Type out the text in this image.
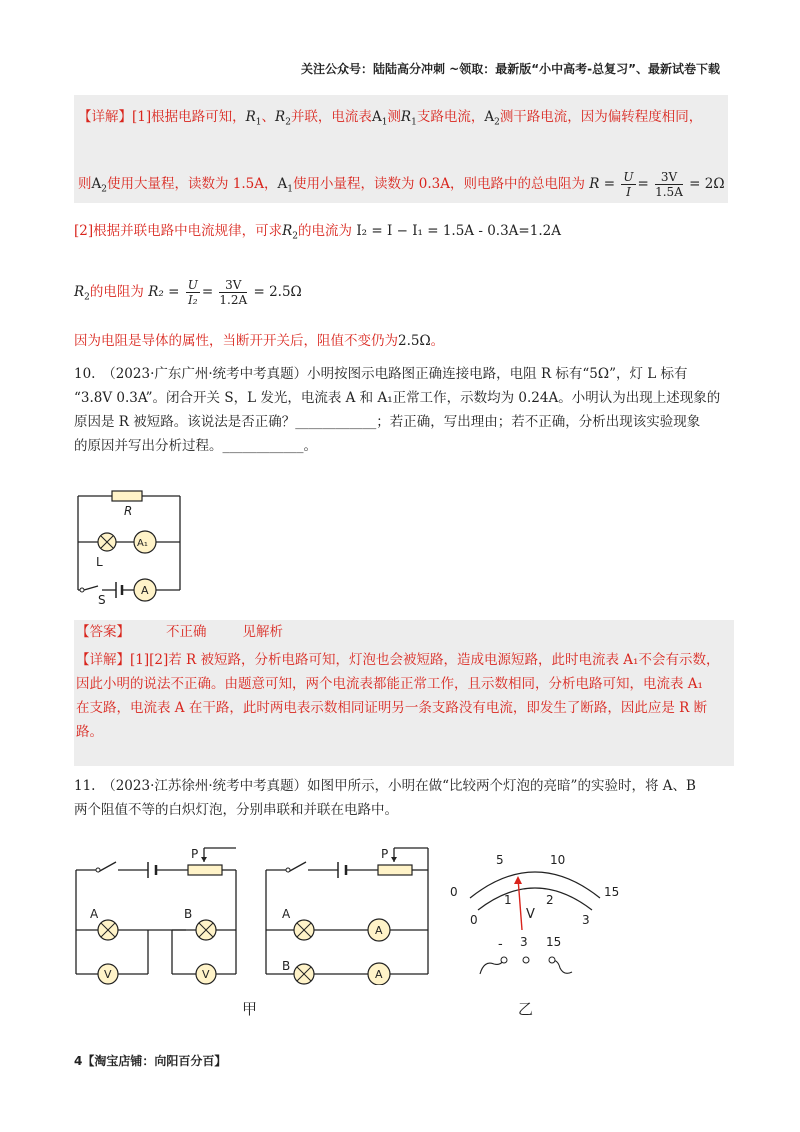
关注公众号：陆陆高分冲刺 ~领取：最新版“小中高考-总复习”、最新试卷下载
【详解】[1]根据电路可知，$R_1$、$R_2$并联，电流表$A_1$测$R_1$支路电流，$A_2$测干路电流，因为偏转程度相同，
则$A_2$使用大量程，读数为 1.5A，$A_1$使用小量程，读数为 0.3A，则电路中的总电阻为 $R = \frac{U}{I} = \frac{3V}{1.5A} = 2\Omega$
[2]根据并联电路中电流规律，可求$R_2$的电流为 I₂ = I − I₁ = 1.5A - 0.3A=1.2A
$R_2$的电阻为 $R_2 = \frac{U}{\text{I₂}} = \frac{3V}{1.2A} = 2.5\Omega$
因为电阻是导体的属性，当断开开关后，阻值不变仍为2.5Ω。
10.　（2023·广东广州·统考中考真题）小明按图示电路图正确连接电路，电阻 R 标有“5Ω”，灯 L 标有
“3.8V 0.3A”。闭合开关 S，L 发光，电流表 A 和 A₁正常工作，示数均为 0.24A。小明认为出现上述现象的
原因是 R 被短路。该说法是否正确？____________；若正确，写出理由；若不正确，分析出现该实验现象
的原因并写出分析过程。____________。
R
L
A₁
S
A
【答案】	不正确	见解析
【详解】[1][2]若 R 被短路，分析电路可知，灯泡也会被短路，造成电源短路，此时电流表 A₁不会有示数，
因此小明的说法不正确。由题意可知，两个电流表都能正常工作，且示数相同，分析电路可知，电流表 A₁
在支路，电流表 A 在干路，此时两电表示数相同证明另一条支路没有电流，即发生了断路，因此应是 R 断
路。
11.　（2023·江苏徐州·统考中考真题）如图甲所示，小明在做“比较两个灯泡的亮暗”的实验时，将 A、B
两个阻值不等的白炽灯泡，分别串联和并联在电路中。
P
A	B
V	V
P
A
A
B
A
甲
0
5	10
15
0
1	2
3
V
- 3 15
乙
4【淘宝店铺：向阳百分百】
